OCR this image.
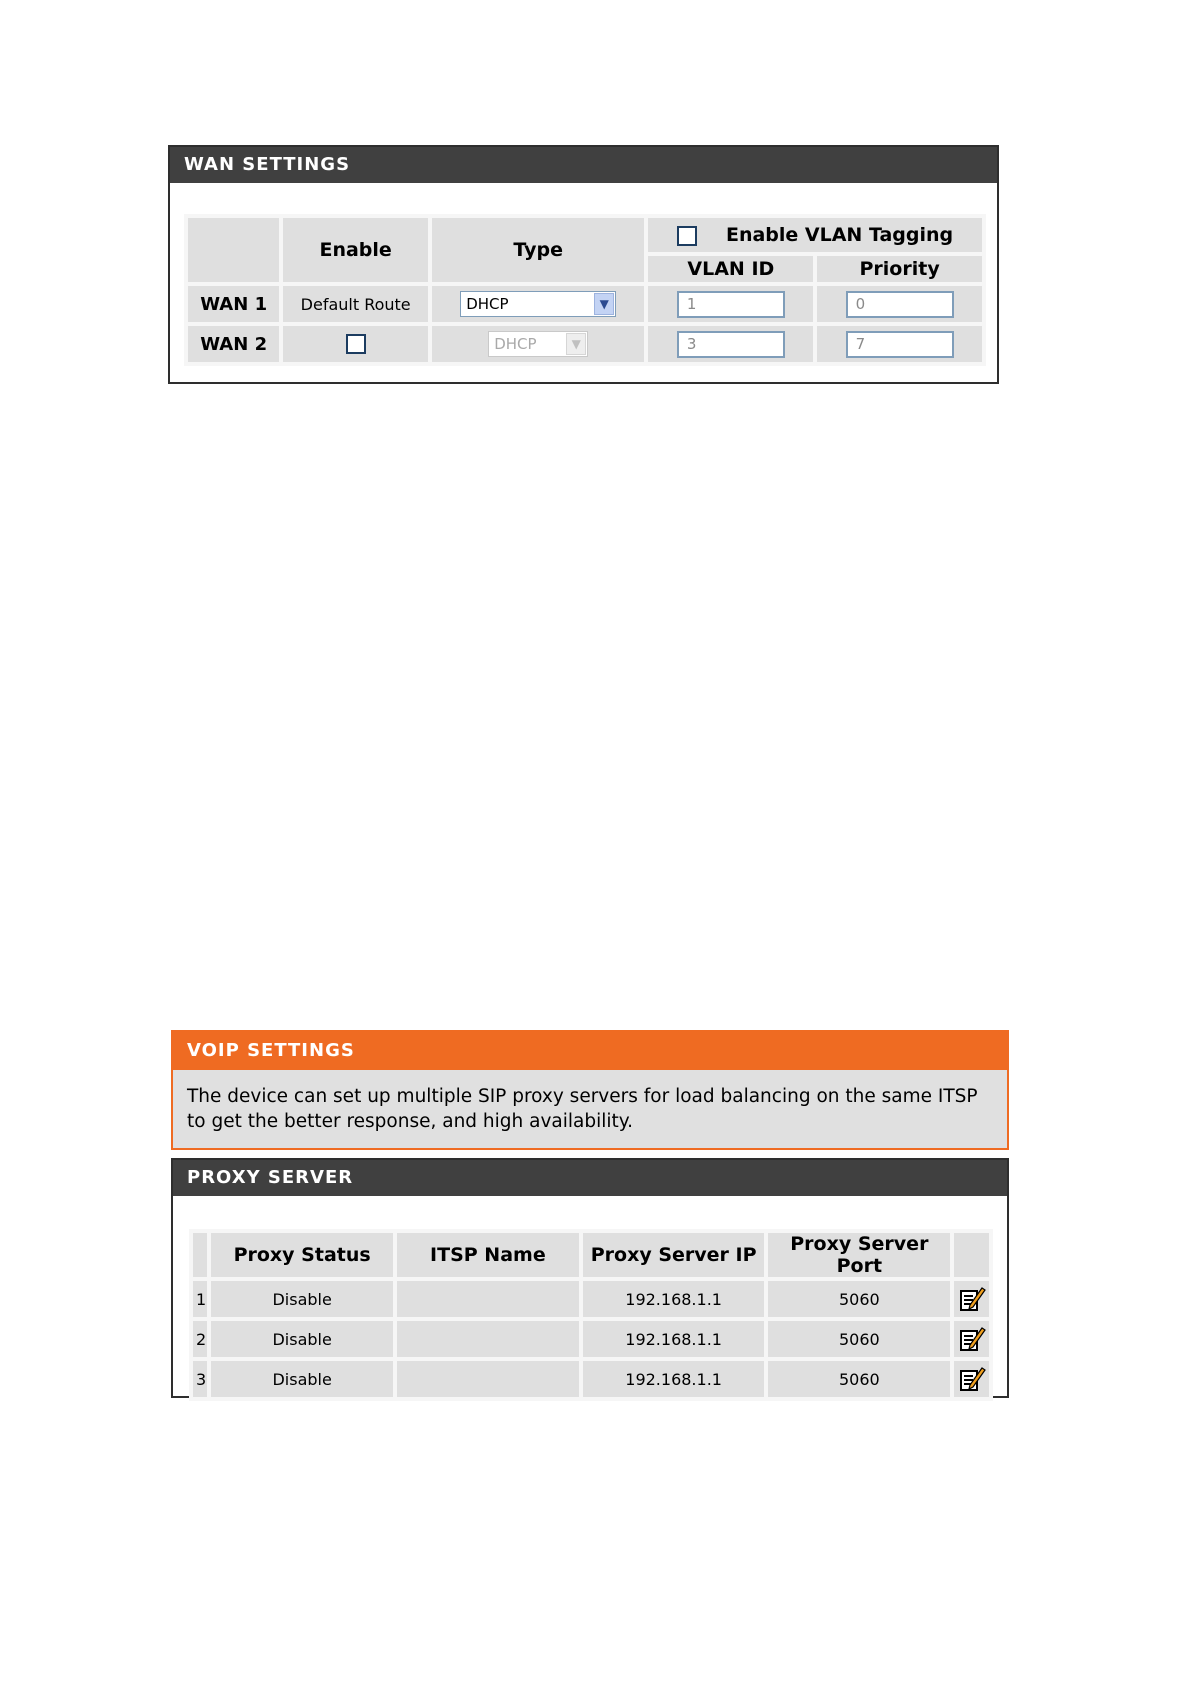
WAN SETTINGS
	Enable	Type	Enable VLAN Tagging	
			VLAN ID	Priority
WAN 1	Default Route	DHCP ▼	1	0
WAN 2		DHCP ▼	3	7
VOIP SETTINGS
The device can set up multiple SIP proxy servers for load balancing on the same ITSP to get the better response, and high availability.
PROXY SERVER
	Proxy Status	ITSP Name	Proxy Server IP	Proxy Server Port	
1	Disable		192.168.1.1	5060	
2	Disable		192.168.1.1	5060	
3	Disable		192.168.1.1	5060	
